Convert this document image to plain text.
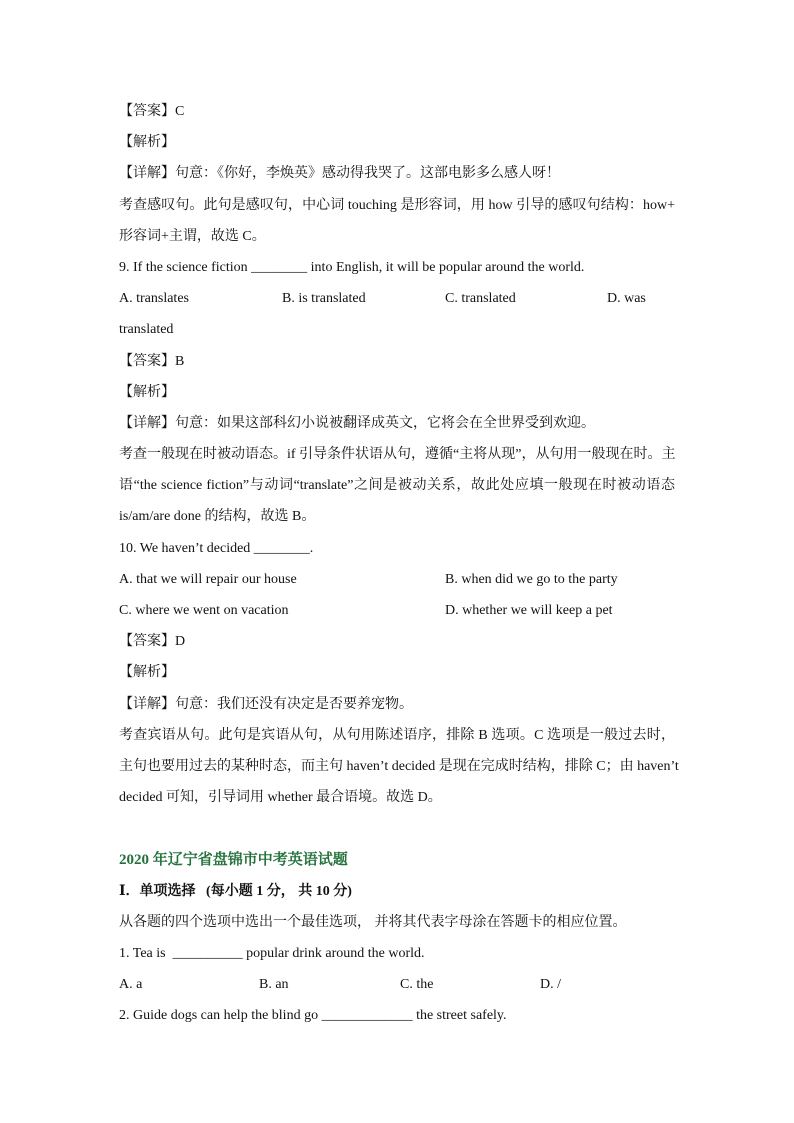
【答案】C
【解析】
【详解】句意：《你好，李焕英》感动得我哭了。这部电影多么感人呀！
考查感叹句。此句是感叹句，中心词 touching 是形容词，用 how 引导的感叹句结构：how+
形容词+主谓，故选 C。
9. If the science fiction ________ into English, it will be popular around the world.

A. translates

	B. is translated

	C. translated

	D. was

translated
【答案】B
【解析】
【详解】句意：如果这部科幻小说被翻译成英文，它将会在全世界受到欢迎。
考查一般现在时被动语态。if 引导条件状语从句，遵循“主将从现”，从句用一般现在时。主
语“the science fiction”与动词“translate”之间是被动关系，故此处应填一般现在时被动语态
is/am/are done 的结构，故选 B。
10. We haven’t decided ________.

A. that we will repair our house

	B. when did we go to the party

C. where we went on vacation

	D. whether we will keep a pet

【答案】D
【解析】
【详解】句意：我们还没有决定是否要养宠物。
考查宾语从句。此句是宾语从句，从句用陈述语序，排除 B 选项。C 选项是一般过去时，
主句也要用过去的某种时态，而主句 haven’t decided 是现在完成时结构，排除 C；由 haven’t
decided 可知，引导词用 whether 最合语境。故选 D。
2020 年辽宁省盘锦市中考英语试题
Ⅰ．单项选择   (每小题 1 分， 共 10 分)
从各题的四个选项中选出一个最佳选项， 并将其代表字母涂在答题卡的相应位置。
1. Tea is  __________ popular drink around the world.

A. a

	B. an

	C. the

	D. /

2. Guide dogs can help the blind go _____________ the street safely.
